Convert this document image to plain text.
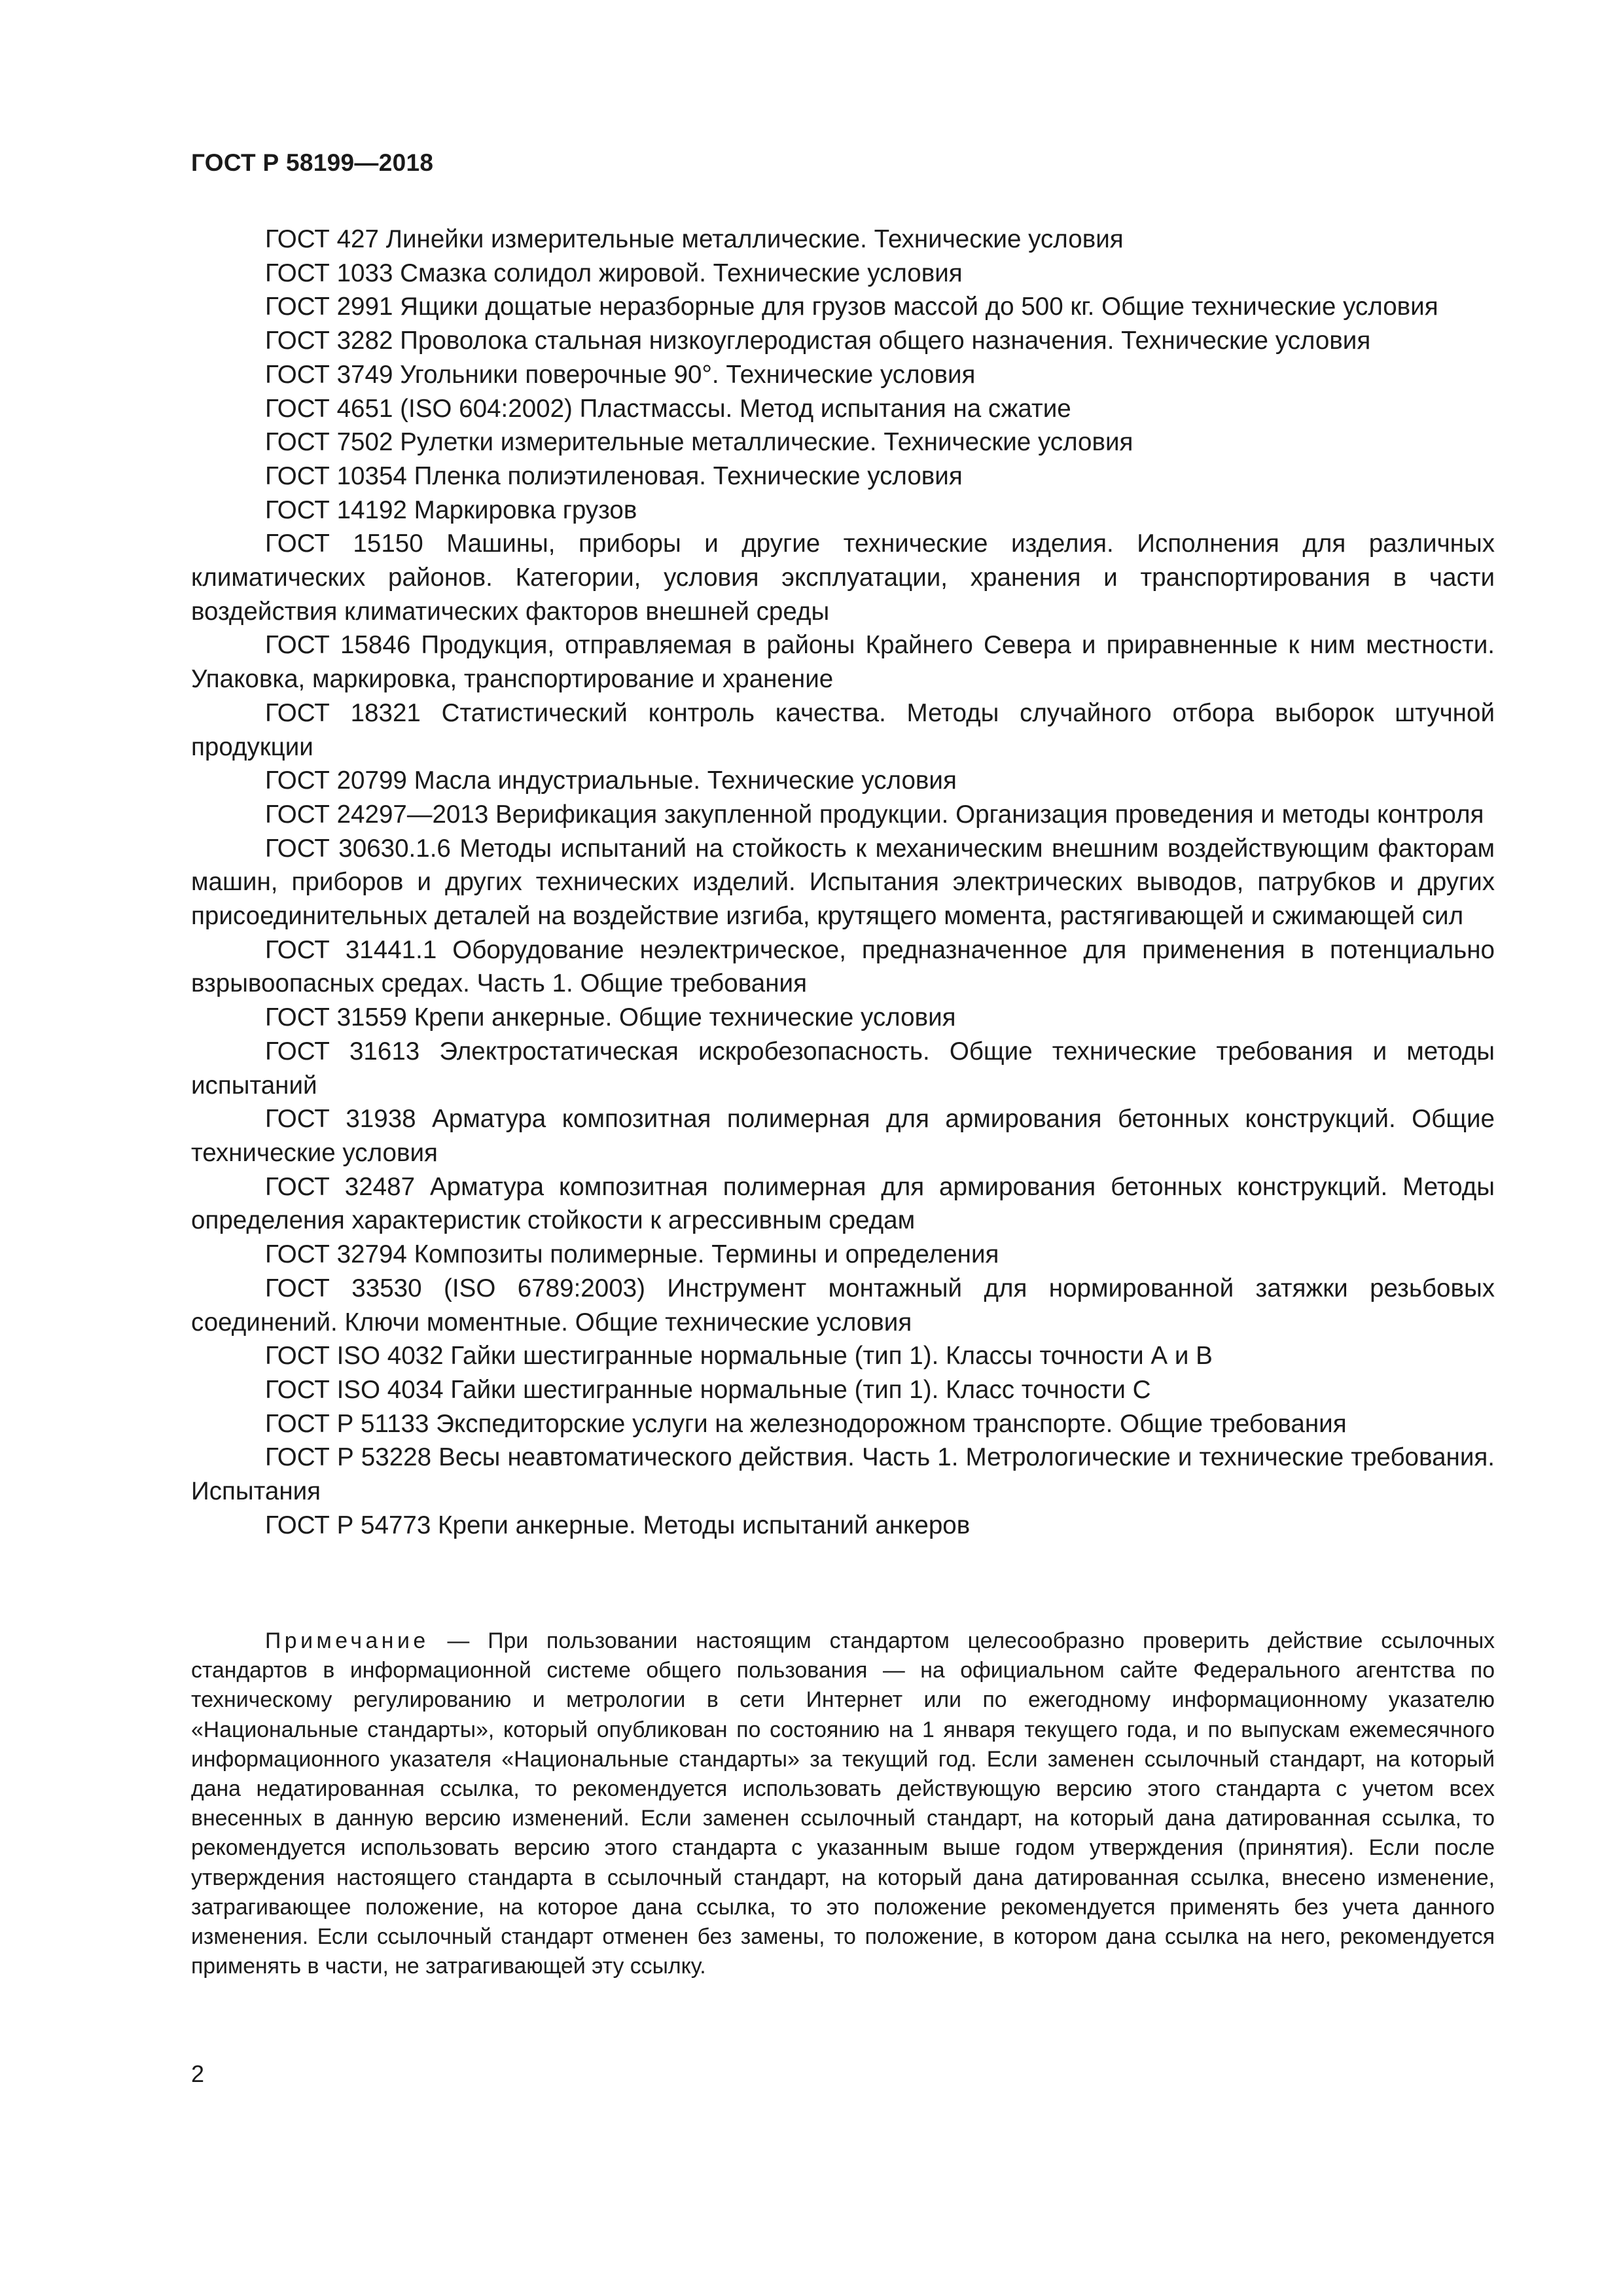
ГОСТ Р 58199—2018
ГОСТ 427 Линейки измерительные металлические. Технические условия
ГОСТ 1033 Смазка солидол жировой. Технические условия
ГОСТ 2991 Ящики дощатые неразборные для грузов массой до 500 кг. Общие технические условия
ГОСТ 3282 Проволока стальная низкоуглеродистая общего назначения. Технические условия
ГОСТ 3749 Угольники поверочные 90°. Технические условия
ГОСТ 4651 (ISO 604:2002) Пластмассы. Метод испытания на сжатие
ГОСТ 7502 Рулетки измерительные металлические. Технические условия
ГОСТ 10354 Пленка полиэтиленовая. Технические условия
ГОСТ 14192 Маркировка грузов
ГОСТ 15150 Машины, приборы и другие технические изделия. Исполнения для различных климатических районов. Категории, условия эксплуатации, хранения и транспортирования в части воздействия климатических факторов внешней среды
ГОСТ 15846 Продукция, отправляемая в районы Крайнего Севера и приравненные к ним местности. Упаковка, маркировка, транспортирование и хранение
ГОСТ 18321 Статистический контроль качества. Методы случайного отбора выборок штучной продукции
ГОСТ 20799 Масла индустриальные. Технические условия
ГОСТ 24297—2013 Верификация закупленной продукции. Организация проведения и методы контроля
ГОСТ 30630.1.6 Методы испытаний на стойкость к механическим внешним воздействующим факторам машин, приборов и других технических изделий. Испытания электрических выводов, патрубков и других присоединительных деталей на воздействие изгиба, крутящего момента, растягивающей и сжимающей сил
ГОСТ 31441.1 Оборудование неэлектрическое, предназначенное для применения в потенциально взрывоопасных средах. Часть 1. Общие требования
ГОСТ 31559 Крепи анкерные. Общие технические условия
ГОСТ 31613 Электростатическая искробезопасность. Общие технические требования и методы испытаний
ГОСТ 31938 Арматура композитная полимерная для армирования бетонных конструкций. Общие технические условия
ГОСТ 32487 Арматура композитная полимерная для армирования бетонных конструкций. Методы определения характеристик стойкости к агрессивным средам
ГОСТ 32794 Композиты полимерные. Термины и определения
ГОСТ 33530 (ISO 6789:2003) Инструмент монтажный для нормированной затяжки резьбовых соединений. Ключи моментные. Общие технические условия
ГОСТ ISO 4032 Гайки шестигранные нормальные (тип 1). Классы точности А и В
ГОСТ ISO 4034 Гайки шестигранные нормальные (тип 1). Класс точности С
ГОСТ Р 51133 Экспедиторские услуги на железнодорожном транспорте. Общие требования
ГОСТ Р 53228 Весы неавтоматического действия. Часть 1. Метрологические и технические требования. Испытания
ГОСТ Р 54773 Крепи анкерные. Методы испытаний анкеров

Примечание — При пользовании настоящим стандартом целесообразно проверить действие ссылочных стандартов в информационной системе общего пользования — на официальном сайте Федерального агентства по техническому регулированию и метрологии в сети Интернет или по ежегодному информационному указателю «Национальные стандарты», который опубликован по состоянию на 1 января текущего года, и по выпускам ежемесячного информационного указателя «Национальные стандарты» за текущий год. Если заменен ссылочный стандарт, на который дана недатированная ссылка, то рекомендуется использовать действующую версию этого стандарта с учетом всех внесенных в данную версию изменений. Если заменен ссылочный стандарт, на который дана датированная ссылка, то рекомендуется использовать версию этого стандарта с указанным выше годом утверждения (принятия). Если после утверждения настоящего стандарта в ссылочный стандарт, на который дана датированная ссылка, внесено изменение, затрагивающее положение, на которое дана ссылка, то это положение рекомендуется применять без учета данного изменения. Если ссылочный стандарт отменен без замены, то положение, в котором дана ссылка на него, рекомендуется применять в части, не затрагивающей эту ссылку.

2
